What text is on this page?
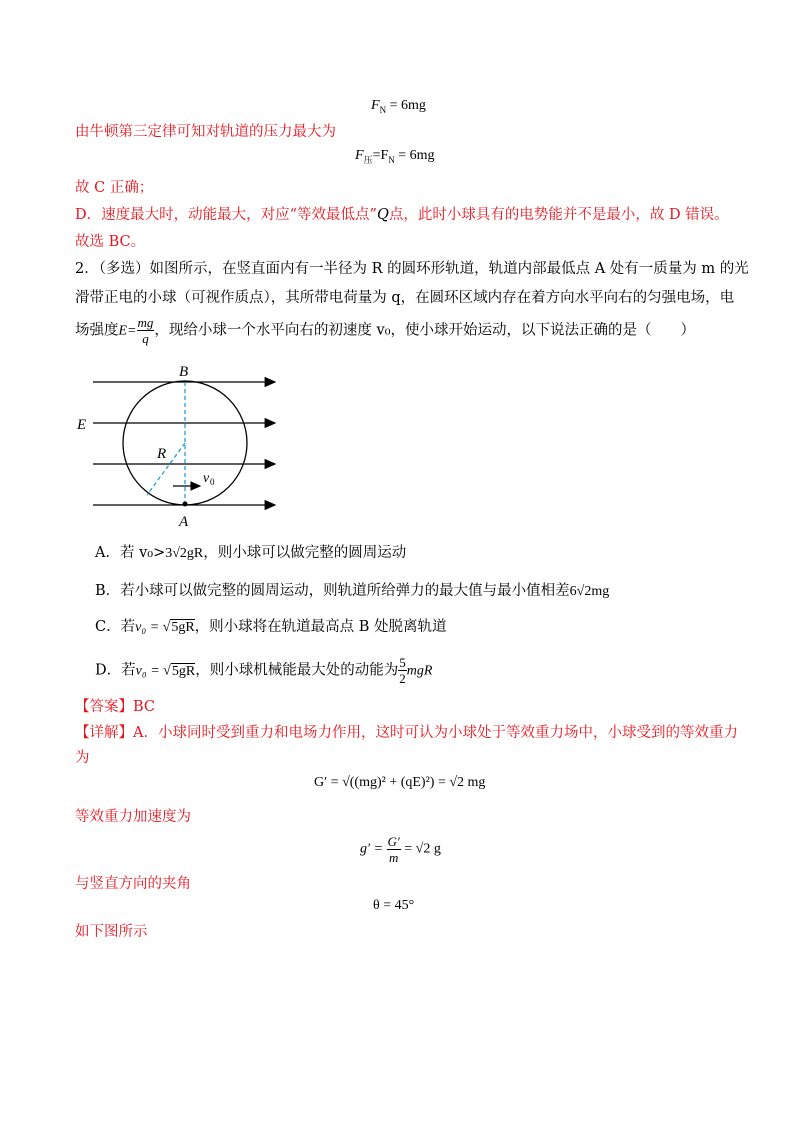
$F_N = 6mg$
由牛顿第三定律可知对轨道的压力最大为
$F_压=F_N = 6mg$
故 C 正确；
D．速度最大时，动能最大，对应“等效最低点”Q点，此时小球具有的电势能并不是最小，故 D 错误。
故选 BC。
2．（多选）如图所示，在竖直面内有一半径为 R 的圆环形轨道，轨道内部最低点 A 处有一质量为 m 的光
滑带正电的小球（可视作质点），其所带电荷量为 q，在圆环区域内存在着方向水平向右的匀强电场，电
场强度$E= \frac{mg}{q}$ ，现给小球一个水平向右的初速度 v₀，使小球开始运动，以下说法正确的是（　　）
B
E
R
v 0
A
A．若 v₀>3√2gR，则小球可以做完整的圆周运动
B．若小球可以做完整的圆周运动，则轨道所给弹力的最大值与最小值相差6√2mg
C．若v₀ = √5gR，则小球将在轨道最高点 B 处脱离轨道
D．若v₀ = √5gR，则小球机械能最大处的动能为 $\frac{5}{2}$ mgR
【答案】BC
【详解】A．小球同时受到重力和电场力作用，这时可认为小球处于等效重力场中，小球受到的等效重力
为
G′ = √((mg)² + (qE)²) = √2 mg
等效重力加速度为
$g' = \frac{G'}{m} = √2$ g
与竖直方向的夹角
θ = 45°
如下图所示
